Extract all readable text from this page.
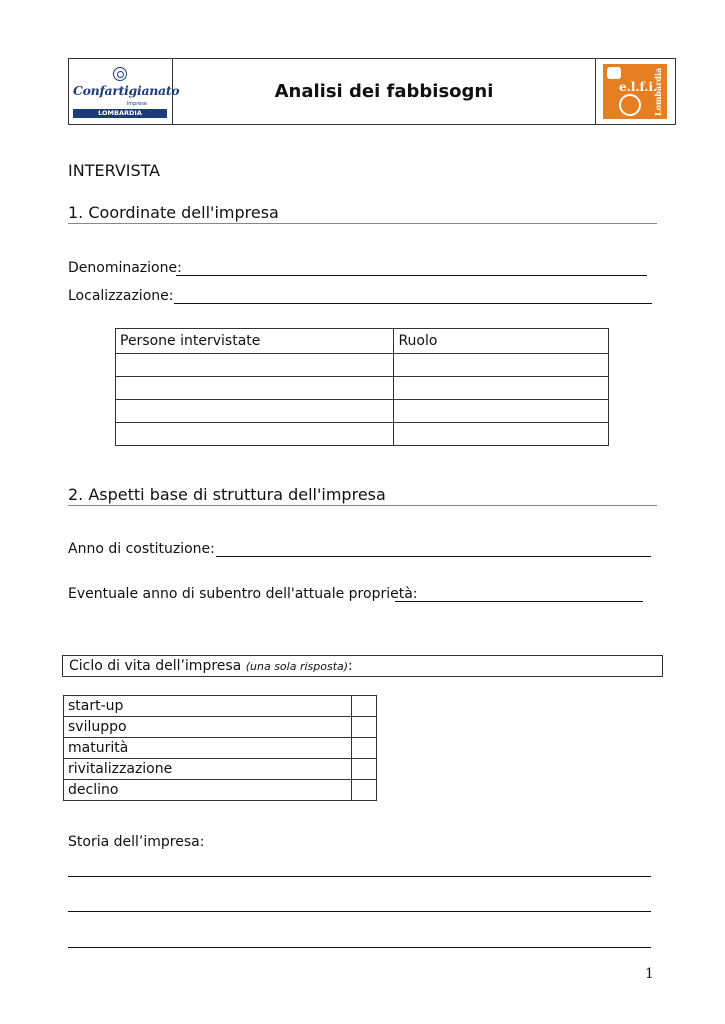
Confartigianato
Imprese
LOMBARDIA
Analisi dei fabbisogni	e.l.f.i.
Lombardia
INTERVISTA
1. Coordinate dell'impresa
Denominazione:
Localizzazione:
Persone intervistate	Ruolo

2. Aspetti base di struttura dell'impresa
Anno di costituzione:
Eventuale anno di subentro dell'attuale proprietà:
Ciclo di vita dell’impresa (una sola risposta):
start-up	
sviluppo	
maturità	
rivitalizzazione	
declino	
Storia dell’impresa:
1
